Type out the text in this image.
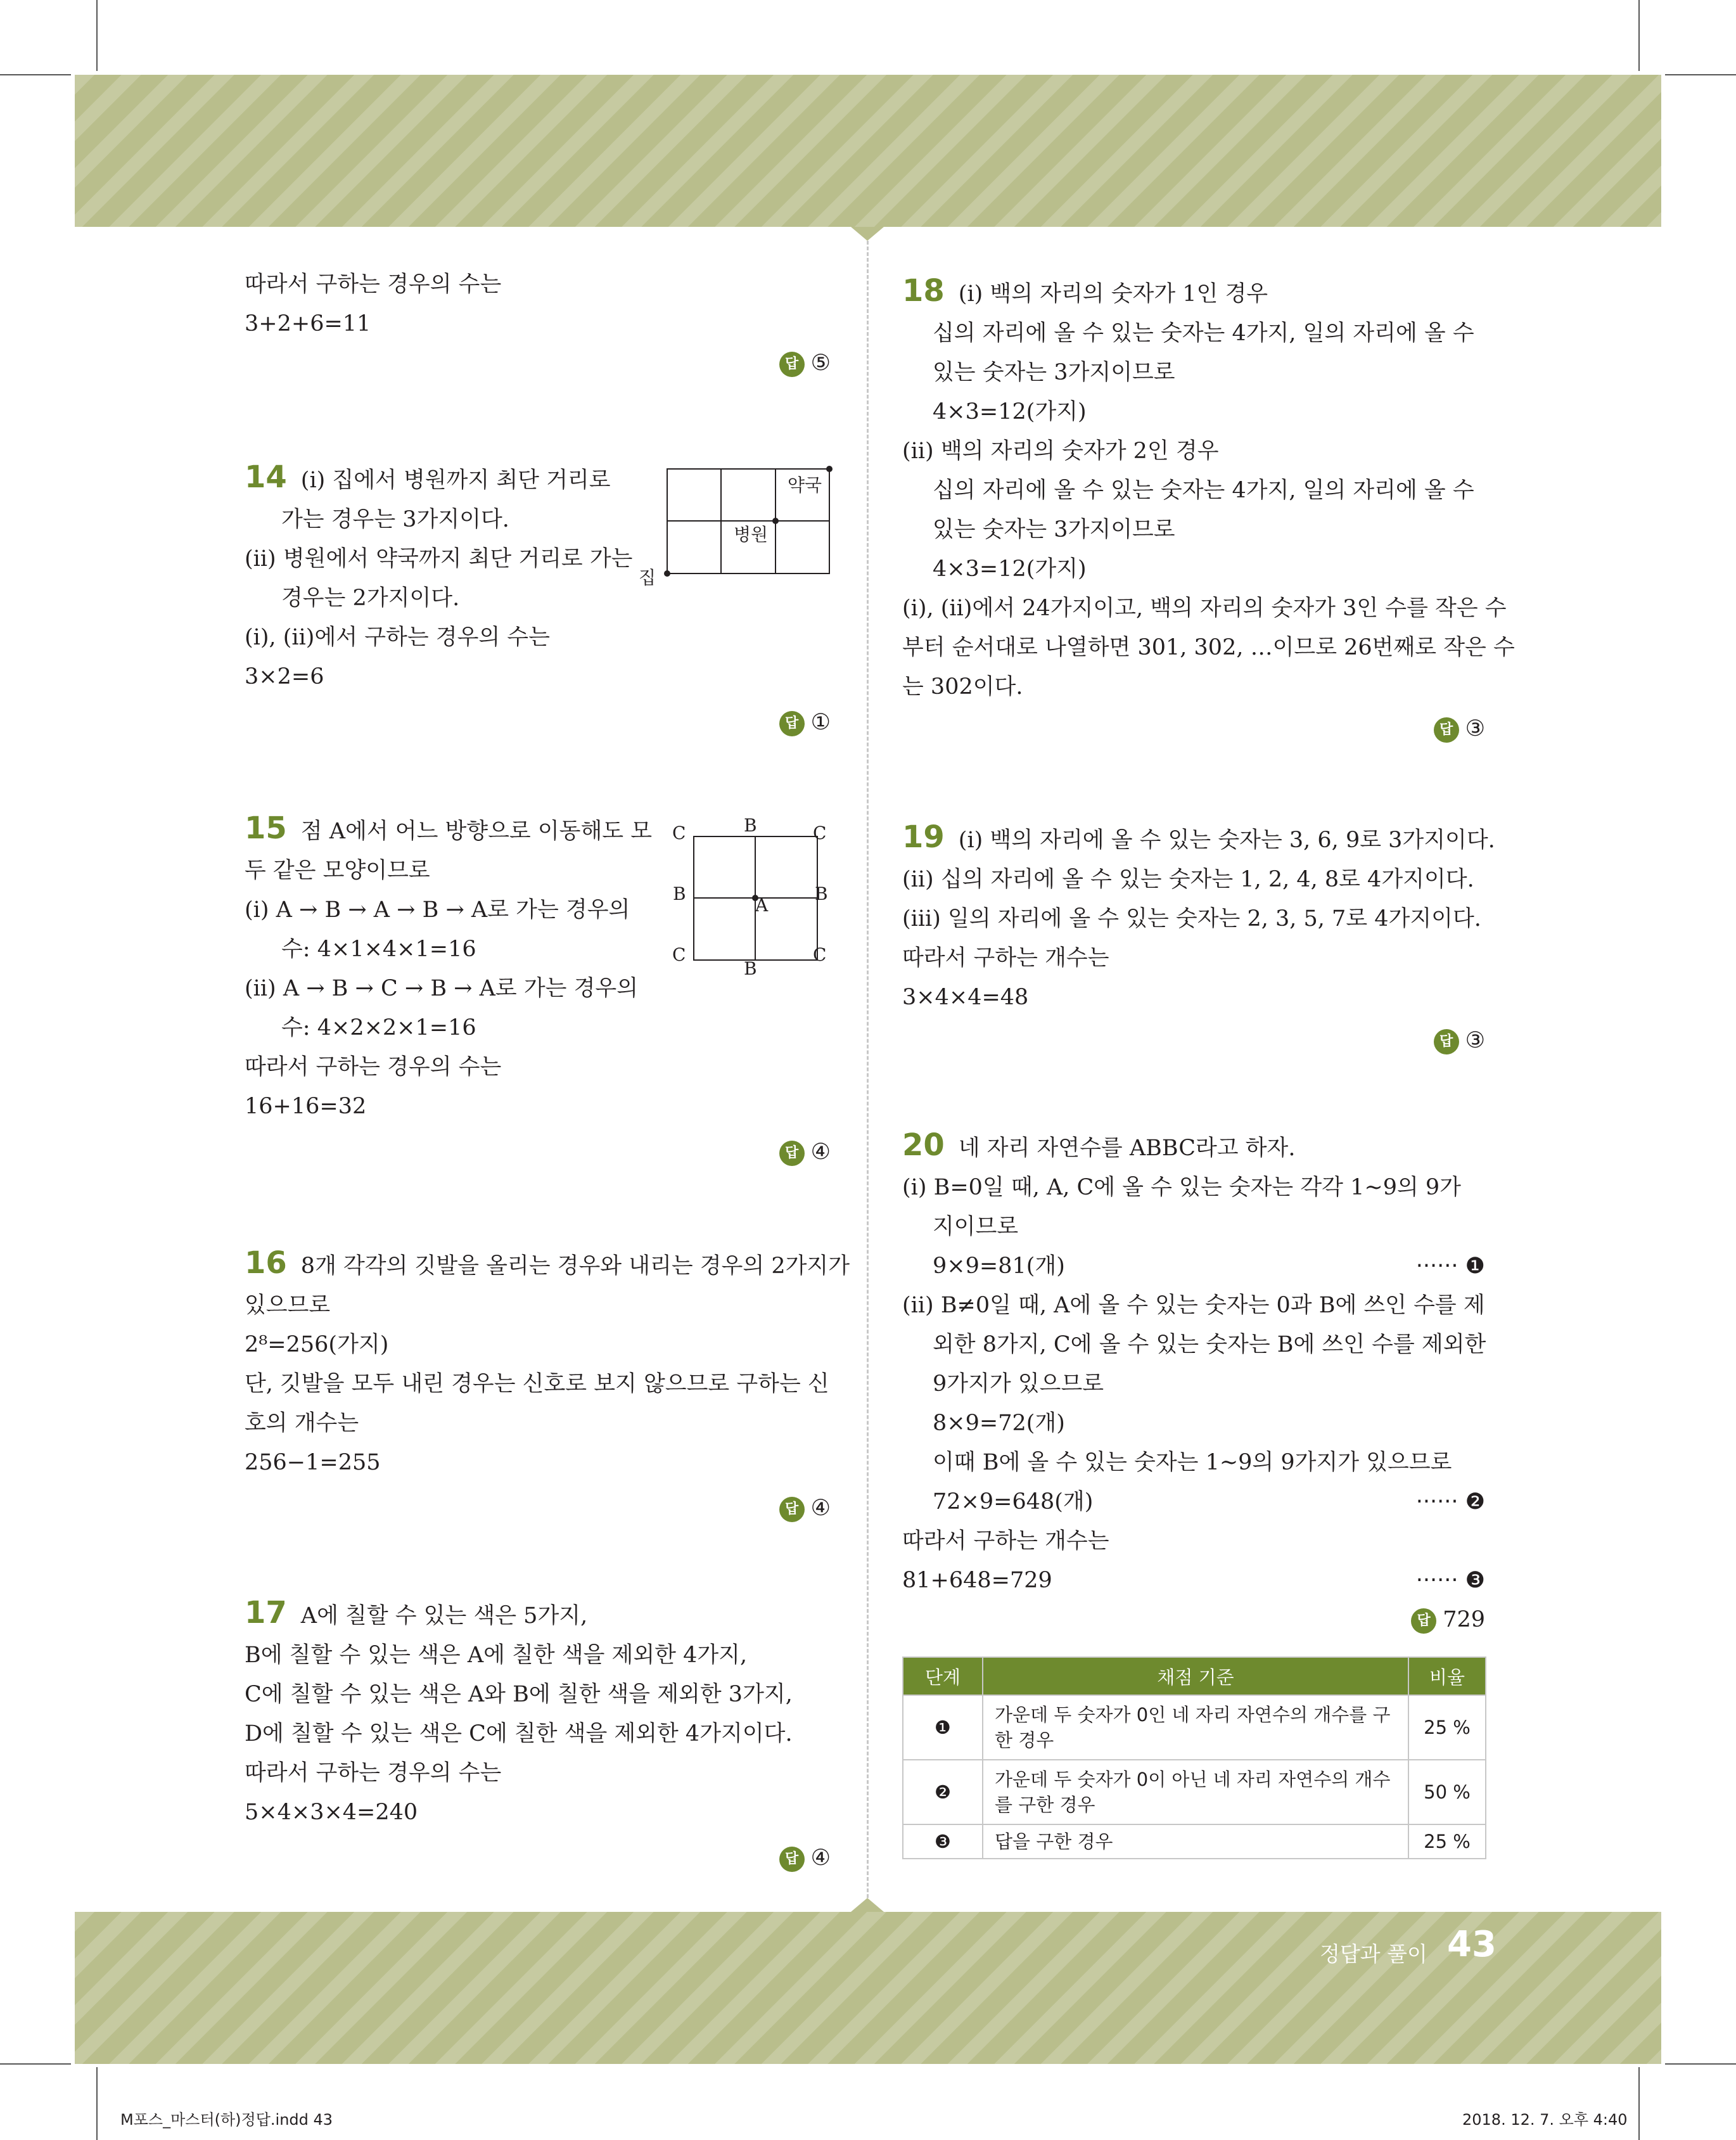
정답과 풀이 43
M포스_마스터(하)정답.indd 43	2018. 12. 7. 오후 4:40

따라서 구하는 경우의 수는

3+2+6=11

답 ⑤

14 (ⅰ) 집에서 병원까지 최단 거리로

가는 경우는 3가지이다.

(ⅱ) 병원에서 약국까지 최단 거리로 가는

경우는 2가지이다.

(ⅰ), (ⅱ)에서 구하는 경우의 수는

3×2=6

답 ①
집
병원
약국

15 점 A에서 어느 방향으로 이동해도 모

두 같은 모양이므로

(ⅰ) A → B → A → B → A로 가는 경우의

수: 4×1×4×1=16

(ⅱ) A → B → C → B → A로 가는 경우의

수: 4×2×2×1=16

따라서 구하는 경우의 수는

16+16=32

답 ④
C	C
C	C
B
B
B	B
A

16 8개 각각의 깃발을 올리는 경우와 내리는 경우의 2가지가

있으므로

2⁸=256(가지)

단, 깃발을 모두 내린 경우는 신호로 보지 않으므로 구하는 신

호의 개수는

256−1=255

답 ④

17 A에 칠할 수 있는 색은 5가지,

B에 칠할 수 있는 색은 A에 칠한 색을 제외한 4가지,

C에 칠할 수 있는 색은 A와 B에 칠한 색을 제외한 3가지,

D에 칠할 수 있는 색은 C에 칠한 색을 제외한 4가지이다.

따라서 구하는 경우의 수는

5×4×3×4=240

답 ④

18 (ⅰ) 백의 자리의 숫자가 1인 경우

십의 자리에 올 수 있는 숫자는 4가지, 일의 자리에 올 수

있는 숫자는 3가지이므로

4×3=12(가지)

(ⅱ) 백의 자리의 숫자가 2인 경우

십의 자리에 올 수 있는 숫자는 4가지, 일의 자리에 올 수

있는 숫자는 3가지이므로

4×3=12(가지)

(ⅰ), (ⅱ)에서 24가지이고, 백의 자리의 숫자가 3인 수를 작은 수

부터 순서대로 나열하면 301, 302, …이므로 26번째로 작은 수

는 302이다.

답 ③

19 (ⅰ) 백의 자리에 올 수 있는 숫자는 3, 6, 9로 3가지이다.

(ⅱ) 십의 자리에 올 수 있는 숫자는 1, 2, 4, 8로 4가지이다.

(ⅲ) 일의 자리에 올 수 있는 숫자는 2, 3, 5, 7로 4가지이다.

따라서 구하는 개수는

3×4×4=48

답 ③

20 네 자리 자연수를 ABBC라고 하자.

(ⅰ) B=0일 때, A, C에 올 수 있는 숫자는 각각 1~9의 9가

지이므로

9×9=81(개)	······ ❶

(ⅱ) B≠0일 때, A에 올 수 있는 숫자는 0과 B에 쓰인 수를 제

외한 8가지, C에 올 수 있는 숫자는 B에 쓰인 수를 제외한

9가지가 있으므로

8×9=72(개)

이때 B에 올 수 있는 숫자는 1~9의 9가지가 있으므로

72×9=648(개)	······ ❷

따라서 구하는 개수는

81+648=729	······ ❸

답 729
단계	채점 기준	비율
❶	가운데 두 숫자가 0인 네 자리 자연수의 개수를 구한 경우	25 %
❷	가운데 두 숫자가 0이 아닌 네 자리 자연수의 개수를 구한 경우	50 %
❸	답을 구한 경우	25 %
